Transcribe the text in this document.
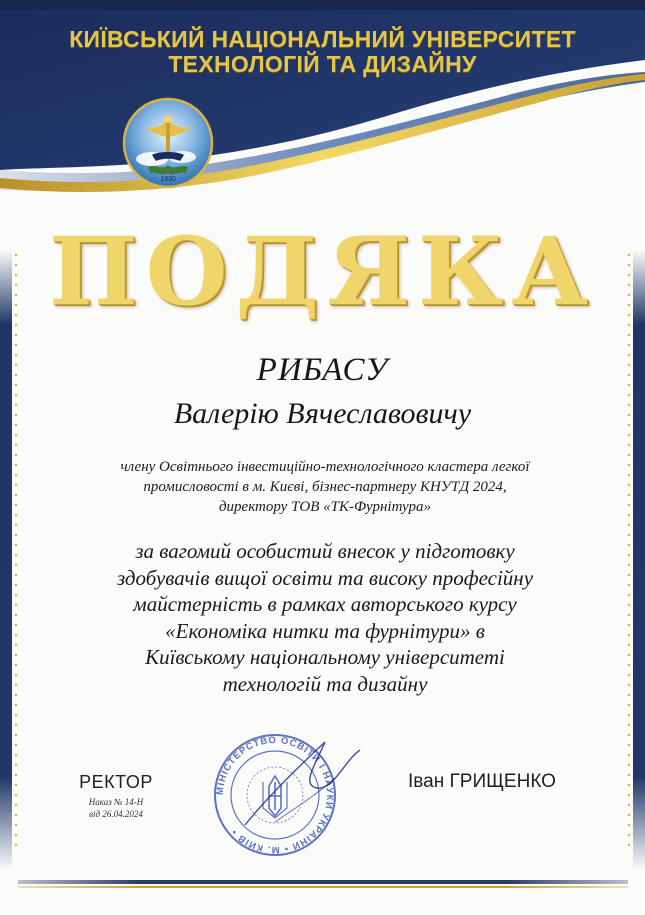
КИЇВСЬКИЙ НАЦІОНАЛЬНИЙ УНІВЕРСИТЕТ
ТЕХНОЛОГІЙ ТА ДИЗАЙНУ
1930
ПОДЯКА
РИБАСУ
Валерію Вячеславовичу
члену Освітнього інвестиційно-технологічного кластера легкої
промисловості в м. Києві, бізнес-партнеру КНУТД 2024,
директору ТОВ «ТК-Фурнітура»
за вагомий особистий внесок у підготовку
здобувачів вищої освіти та високу професійну
майстерність в рамках авторського курсу
«Економіка нитки та фурнітури» в
Київському національному університеті
технологій та дизайну
РЕКТОР
Наказ № 14-Н
від 26.04.2024
МІНІСТЕРСТВО ОСВІТИ І НАУКИ УКРАЇНИ • М. КИЇВ •
Іван ГРИЩЕНКО
